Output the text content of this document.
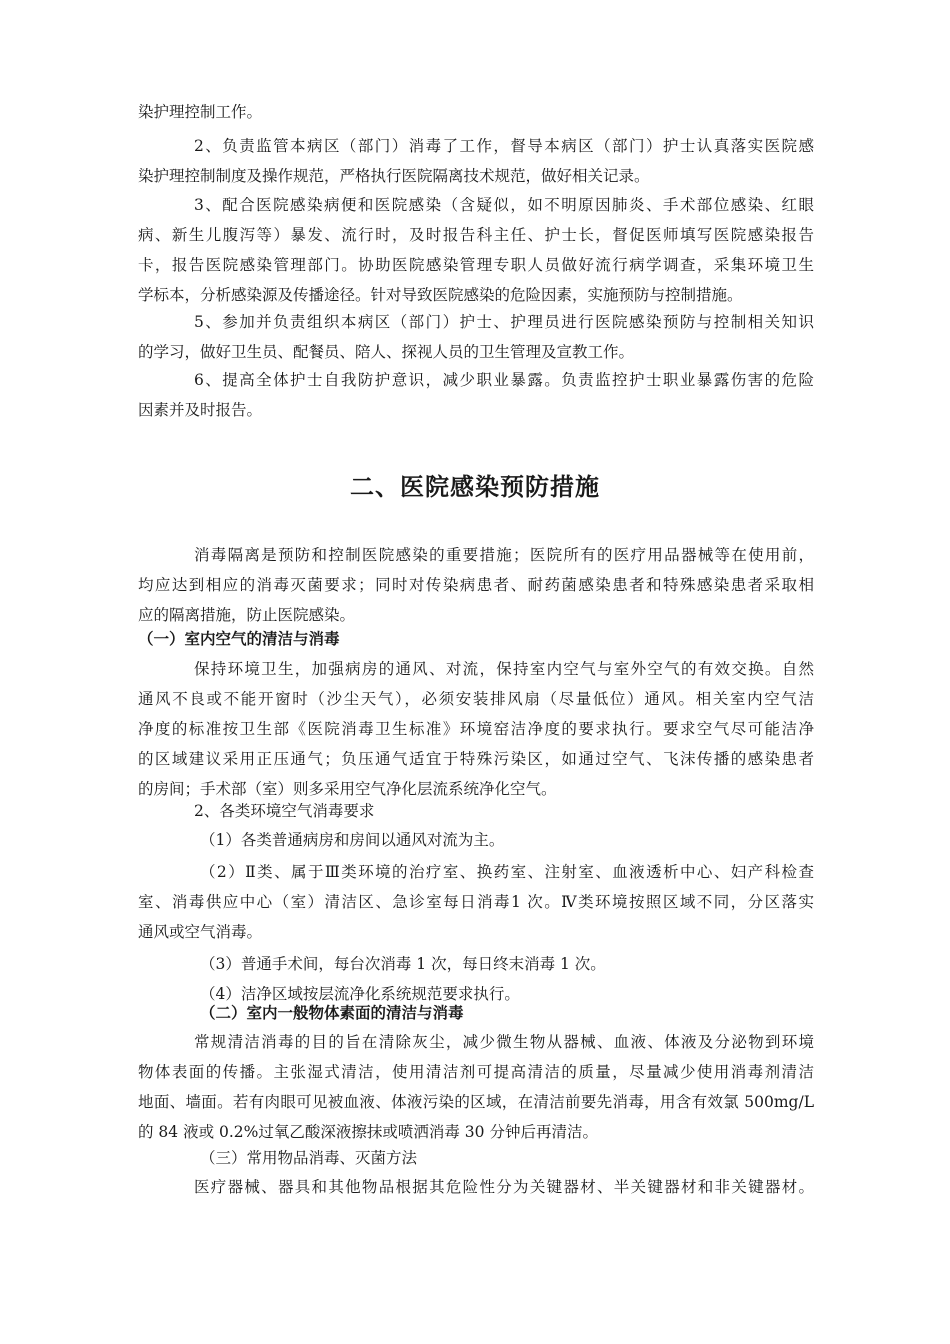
染护理控制工作。
2、负责监管本病区（部门）消毒了工作，督导本病区（部门）护士认真落实医院感
染护理控制制度及操作规范，严格执行医院隔离技术规范，做好相关记录。
3、配合医院感染病便和医院感染（含疑似，如不明原因肺炎、手术部位感染、红眼
病、新生儿腹泻等）暴发、流行时，及时报告科主任、护士长，督促医师填写医院感染报告
卡，报告医院感染管理部门。协助医院感染管理专职人员做好流行病学调查，采集环境卫生
学标本，分析感染源及传播途径。针对导致医院感染的危险因素，实施预防与控制措施。
5、参加并负责组织本病区（部门）护士、护理员进行医院感染预防与控制相关知识
的学习，做好卫生员、配餐员、陪人、探视人员的卫生管理及宣教工作。
6、提高全体护士自我防护意识，减少职业暴露。负责监控护士职业暴露伤害的危险
因素并及时报告。
二、医院感染预防措施
消毒隔离是预防和控制医院感染的重要措施；医院所有的医疗用品器械等在使用前，
均应达到相应的消毒灭菌要求；同时对传染病患者、耐药菌感染患者和特殊感染患者采取相
应的隔离措施，防止医院感染。
（一）室内空气的清洁与消毒
保持环境卫生，加强病房的通风、对流，保持室内空气与室外空气的有效交换。自然
通风不良或不能开窗时（沙尘天气），必须安装排风扇（尽量低位）通风。相关室内空气洁
净度的标准按卫生部《医院消毒卫生标准》环境窑洁净度的要求执行。要求空气尽可能洁净
的区域建议采用正压通气；负压通气适宜于特殊污染区，如通过空气、飞沫传播的感染患者
的房间；手术部（室）则多采用空气净化层流系统净化空气。
2、各类环境空气消毒要求
（1）各类普通病房和房间以通风对流为主。
（2）Ⅱ类、属于Ⅲ类环境的治疗室、换药室、注射室、血液透析中心、妇产科检查
室、消毒供应中心（室）清洁区、急诊室每日消毒1 次。Ⅳ类环境按照区域不同，分区落实
通风或空气消毒。
（3）普通手术间，每台次消毒 1 次，每日终末消毒 1 次。
（4）洁净区域按层流净化系统规范要求执行。
（二）室内一般物体素面的清洁与消毒
常规清洁消毒的目的旨在清除灰尘，减少微生物从器械、血液、体液及分泌物到环境
物体表面的传播。主张湿式清洁，使用清洁剂可提高清洁的质量，尽量减少使用消毒剂清洁
地面、墙面。若有肉眼可见被血液、体液污染的区域，在清洁前要先消毒，用含有效氯 500mg/L
的 84 液或 0.2%过氧乙酸深液擦抹或喷洒消毒 30 分钟后再清洁。
（三）常用物品消毒、灭菌方法
医疗器械、器具和其他物品根据其危险性分为关键器材、半关键器材和非关键器材。
